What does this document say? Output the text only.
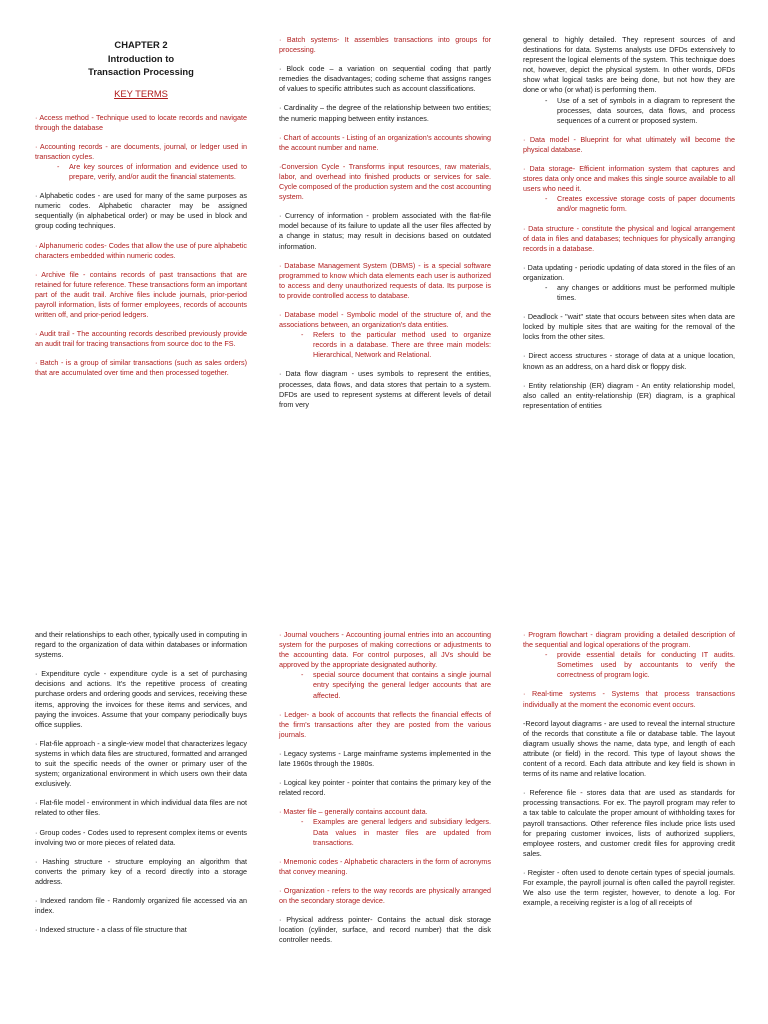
CHAPTER 2
Introduction to
Transaction Processing
KEY TERMS
· Access method - Technique used to locate records and navigate through the database
· Accounting records - are documents, journal, or ledger used in transaction cycles.
- Are key sources of information and evidence used to prepare, verify, and/or audit the financial statements.
· Alphabetic codes - are used for many of the same purposes as numeric codes. Alphabetic character may be assigned sequentially (in alphabetical order) or may be used in block and group coding techniques.
· Alphanumeric codes- Codes that allow the use of pure alphabetic characters embedded within numeric codes.
· Archive file - contains records of past transactions that are retained for future reference. These transactions form an important part of the audit trail. Archive files include journals, prior-period payroll information, lists of former employees, records of accounts written off, and prior-period ledgers.
· Audit trail - The accounting records described previously provide an audit trail for tracing transactions from source doc to the FS.
· Batch - is a group of similar transactions (such as sales orders) that are accumulated over time and then processed together.
· Batch systems- It assembles transactions into groups for processing.
· Block code – a variation on sequential coding that partly remedies the disadvantages; coding scheme that assigns ranges of values to specific attributes such as account classifications.
· Cardinality – the degree of the relationship between two entities; the numeric mapping between entity instances.
· Chart of accounts - Listing of an organization's accounts showing the account number and name.
·Conversion Cycle - Transforms input resources, raw materials, labor, and overhead into finished products or services for sale. Cycle composed of the production system and the cost accounting system.
· Currency of information - problem associated with the flat-file model because of its failure to update all the user files affected by a change in status; may result in decisions based on outdated information.
· Database Management System (DBMS) - is a special software programmed to know which data elements each user is authorized to access and deny unauthorized requests of data. Its purpose is to provide controlled access to database.
· Database model - Symbolic model of the structure of, and the associations between, an organization's data entities.
- Refers to the particular method used to organize records in a database. There are three main models: Hierarchical, Network and Relational.
· Data flow diagram - uses symbols to represent the entities, processes, data flows, and data stores that pertain to a system. DFDs are used to represent systems at different levels of detail from very
general to highly detailed. They represent sources of and destinations for data. Systems analysts use DFDs extensively to represent the logical elements of the system. This technique does not, however, depict the physical system. In other words, DFDs show what logical tasks are being done, but not how they are done or who (or what) is performing them.
- Use of a set of symbols in a diagram to represent the processes, data sources, data flows, and process sequences of a current or proposed system.
· Data model - Blueprint for what ultimately will become the physical database.
· Data storage- Efficient information system that captures and stores data only once and makes this single source available to all users who need it.
- Creates excessive storage costs of paper documents and/or magnetic form.
· Data structure - constitute the physical and logical arrangement of data in files and databases; techniques for physically arranging records in a database.
· Data updating - periodic updating of data stored in the files of an organization.
- any changes or additions must be performed multiple times.
· Deadlock - "wait" state that occurs between sites when data are locked by multiple sites that are waiting for the removal of the locks from the other sites.
· Direct access structures - storage of data at a unique location, known as an address, on a hard disk or floppy disk.
· Entity relationship (ER) diagram - An entity relationship model, also called an entity-relationship (ER) diagram, is a graphical representation of entities
and their relationships to each other, typically used in computing in regard to the organization of data within databases or information systems.
· Expenditure cycle - expenditure cycle is a set of purchasing decisions and actions. It's the repetitive process of creating purchase orders and ordering goods and services, receiving these items, approving the invoices for these items and services, and paying the invoices. Assume that your company periodically buys office supplies.
· Flat-file approach - a single-view model that characterizes legacy systems in which data files are structured, formatted and arranged to suit the specific needs of the owner or primary user of the system; organizational environment in which users own their data exclusively.
· Flat-file model - environment in which individual data files are not related to other files.
· Group codes - Codes used to represent complex items or events involving two or more pieces of related data.
· Hashing structure - structure employing an algorithm that converts the primary key of a record directly into a storage address.
· Indexed random file - Randomly organized file accessed via an index.
· Indexed structure - a class of file structure that
· Journal vouchers - Accounting journal entries into an accounting system for the purposes of making corrections or adjustments to the accounting data. For control purposes, all JVs should be approved by the appropriate designated authority.
- special source document that contains a single journal entry specifying the general ledger accounts that are affected.
· Ledger- a book of accounts that reflects the financial effects of the firm's transactions after they are posted from the various journals.
· Legacy systems - Large mainframe systems implemented in the late 1960s through the 1980s.
· Logical key pointer - pointer that contains the primary key of the related record.
· Master file – generally contains account data.
- Examples are general ledgers and subsidiary ledgers. Data values in master files are updated from transactions.
· Mnemonic codes - Alphabetic characters in the form of acronyms that convey meaning.
· Organization - refers to the way records are physically arranged on the secondary storage device.
· Physical address pointer- Contains the actual disk storage location (cylinder, surface, and record number) that the disk controller needs.
· Program flowchart - diagram providing a detailed description of the sequential and logical operations of the program.
- provide essential details for conducting IT audits. Sometimes used by accountants to verify the correctness of program logic.
· Real-time systems - Systems that process transactions individually at the moment the economic event occurs.
-Record layout diagrams - are used to reveal the internal structure of the records that constitute a file or database table. The layout diagram usually shows the name, data type, and length of each attribute (or field) in the record. This type of layout shows the content of a record. Each data attribute and key field is shown in terms of its name and relative location.
· Reference file - stores data that are used as standards for processing transactions. For ex. The payroll program may refer to a tax table to calculate the proper amount of withholding taxes for payroll transactions. Other reference files include price lists used for preparing customer invoices, lists of authorized suppliers, employee rosters, and customer credit files for approving credit sales.
· Register - often used to denote certain types of special journals. For example, the payroll journal is often called the payroll register. We also use the term register, however, to denote a log. For example, a receiving register is a log of all receipts of
